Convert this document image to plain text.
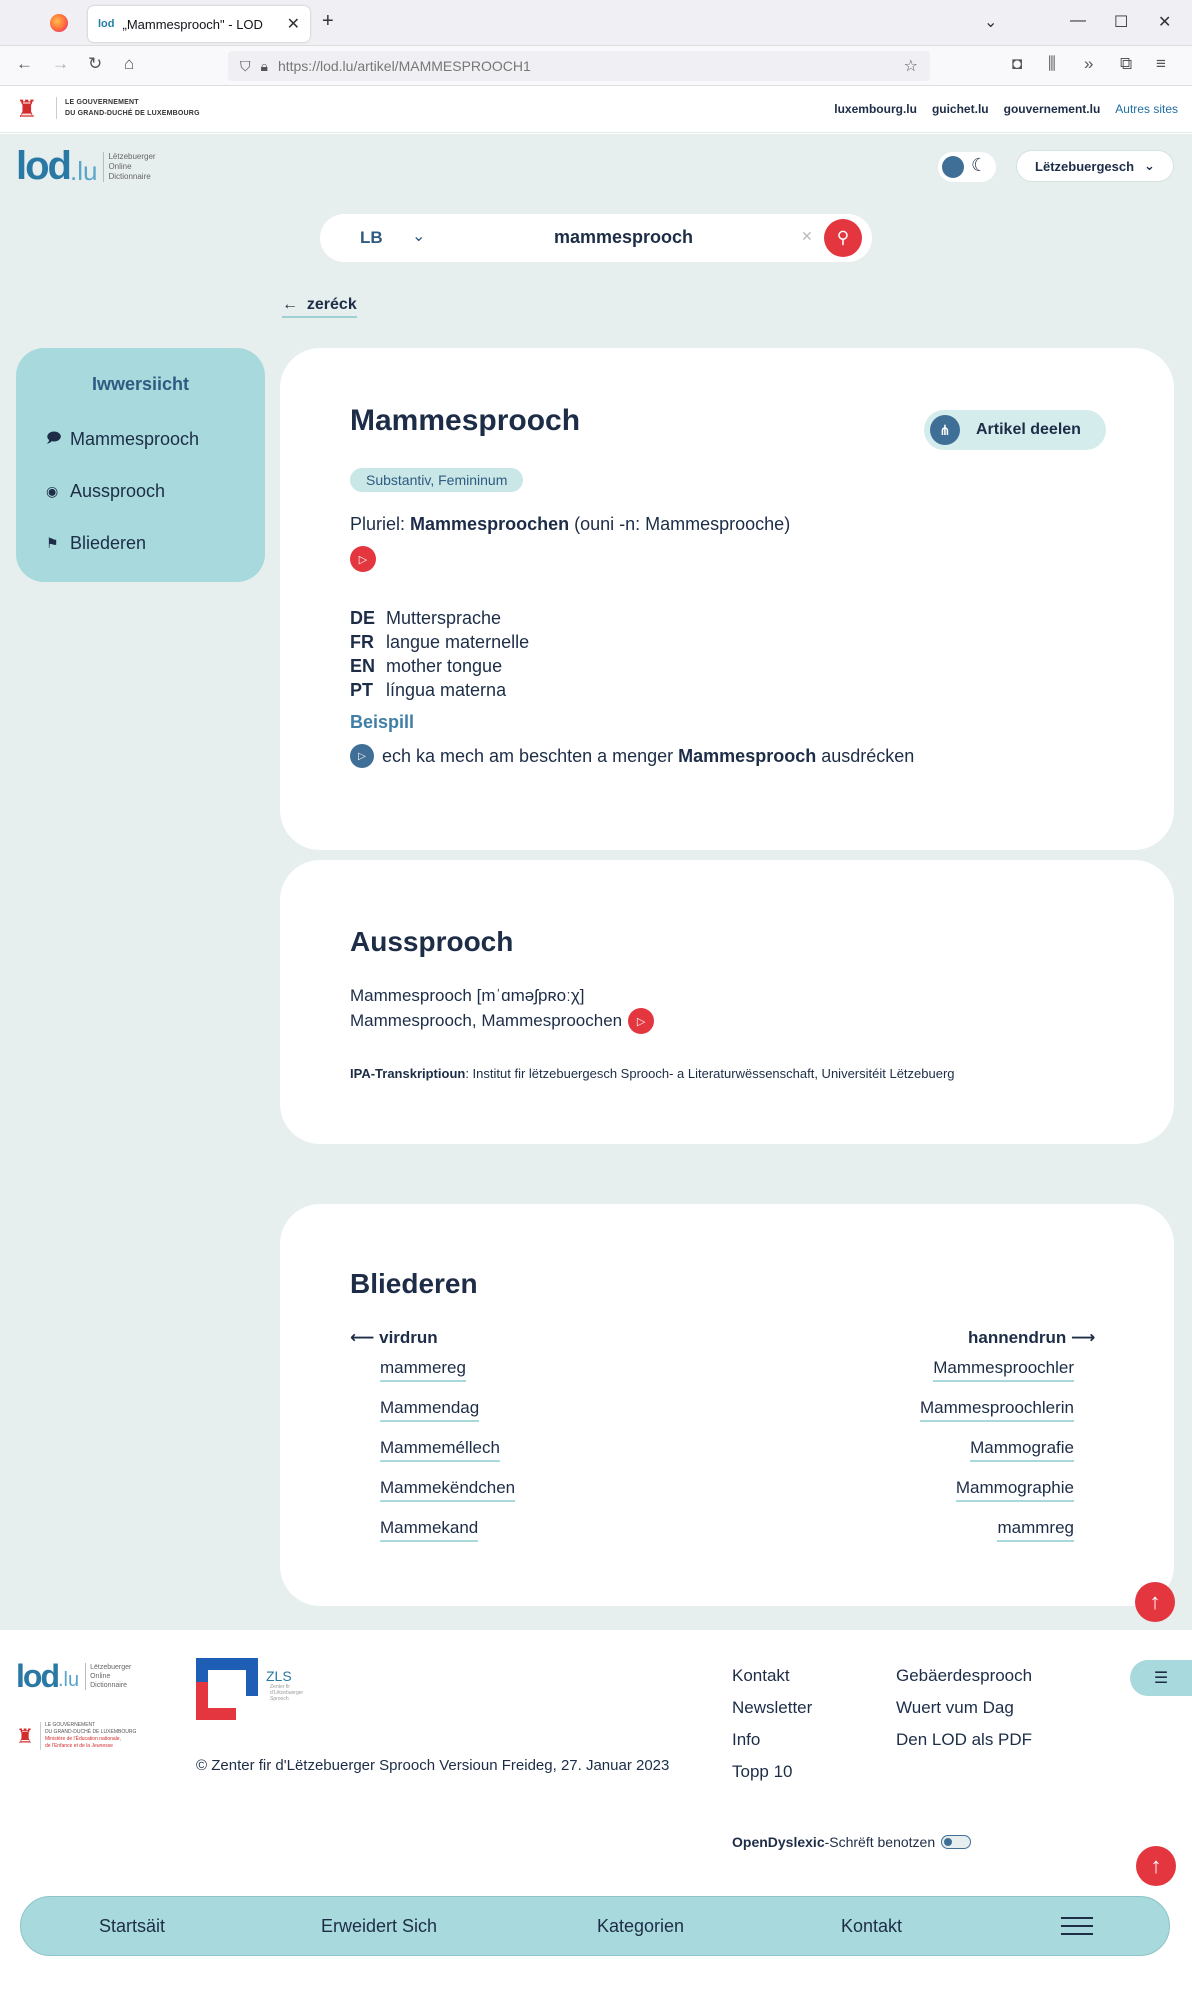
lod „Mammesprooch" - LOD	✕ +	⌄	— ☐ ✕
← → ↻ ⌂	⛉ 🔒︎ https://lod.lu/artikel/MAMMESPROOCH1	☆	◘ ⫼ » ⧉ ≡
♜	LE GOUVERNEMENT
DU GRAND-DUCHÉ DE LUXEMBOURG	luxembourg.lu guichet.lu gouvernement.lu Autres sites
lod .lu	Lëtzebuerger
Online
Dictionnaire
☾	Lëtzebuergesch ⌄
LB ⌄	mammesprooch	✕ ⚲
← zeréck
Iwwersiicht
🗩︎ Mammesprooch
◉ Aussprooch
⚑ Bliederen
Mammesprooch	⋔	Artikel deelen
Substantiv, Femininum
Pluriel: Mammesproochen (ouni -n: Mammesprooche)
▷
DE Muttersprache
FR langue maternelle
EN mother tongue
PT língua materna
Beispill
▷ ech ka mech am beschten a menger
Mammesprooch
ausdrécken
Aussprooch
Mammesprooch [mˈɑməʃpʀoːχ]
Mammesprooch, Mammesproochen ▷
IPA-Transkriptioun: Institut fir lëtzebuergesch Sprooch- a Literaturwëssenschaft, Universitéit Lëtzebuerg
Bliederen
⟵ virdrun	hannendrun ⟶
mammereg
Mammendag
Mammeméllech
Mammekëndchen
Mammekand
Mammesproochler
Mammesproochlerin
Mammografie
Mammographie
mammreg
↑
lod .lu
Lëtzebuerger
Online
Dictionnaire
♜
LE GOUVERNEMENT
DU GRAND-DUCHÉ DE LUXEMBOURG
Ministère de l'Éducation nationale,
de l'Enfance et de la Jeunesse
ZLS
Zenter fir
d'Lëtzebuerger
Sprooch
© Zenter fir d'Lëtzebuerger Sprooch Versioun Freideg, 27. Januar 2023
Kontakt
Newsletter
Info
Topp 10
Gebäerdesprooch
Wuert vum Dag
Den LOD als PDF
☰
OpenDyslexic-Schrëft benotzen
↑
Startsäit	Erweidert Sich	Kategorien	Kontakt
